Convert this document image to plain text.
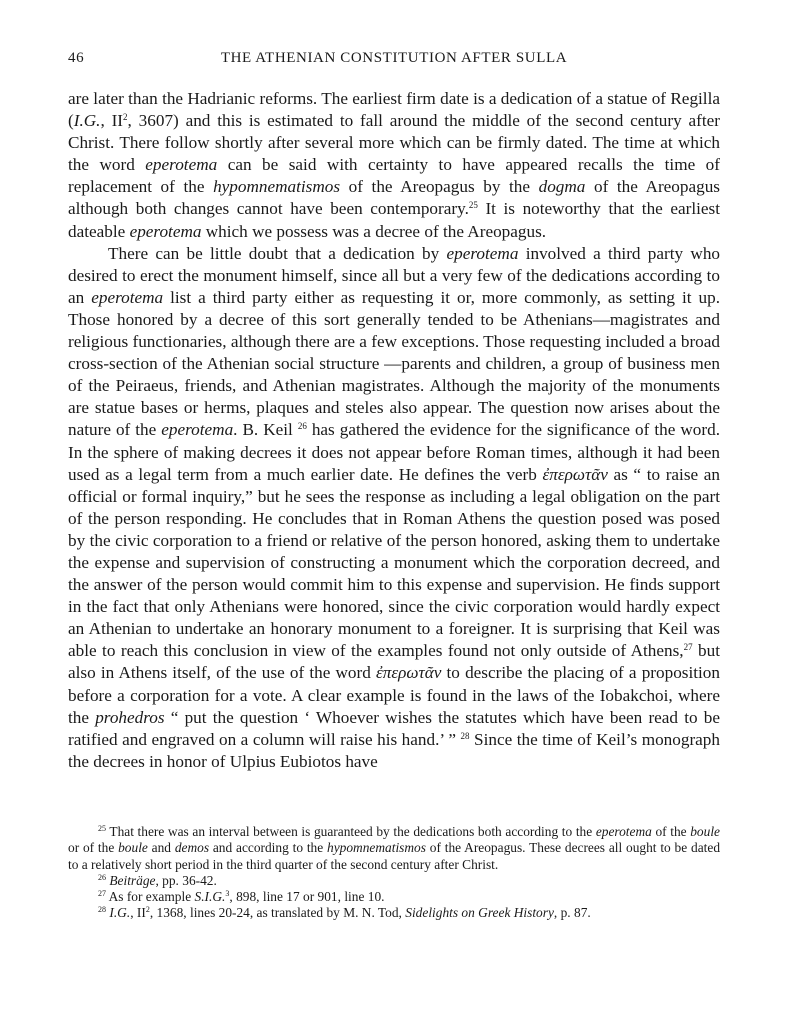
46	THE ATHENIAN CONSTITUTION AFTER SULLA

are later than the Hadrianic reforms. The earliest firm date is a dedication of a statue of Regilla (I.G., $II^2$, 3607) and this is estimated to fall around the middle of the second century after Christ. There follow shortly after several more which can be firmly dated. The time at which the word eperotema can be said with certainty to have appeared recalls the time of replacement of the hypomnematismos of the Areopagus by the dogma of the Areopagus although both changes cannot have been contemporary.$^{25}$ It is noteworthy that the earliest dateable eperotema which we possess was a decree of the Areopagus.

There can be little doubt that a dedication by eperotema involved a third party who desired to erect the monument himself, since all but a very few of the dedications according to an eperotema list a third party either as requesting it or, more commonly, as setting it up. Those honored by a decree of this sort generally tended to be Athenians—magistrates and religious functionaries, although there are a few exceptions. Those requesting included a broad cross-section of the Athenian social structure —parents and children, a group of business men of the Peiraeus, friends, and Athenian magistrates. Although the majority of the monuments are statue bases or herms, plaques and steles also appear. The question now arises about the nature of the eperotema. B. Keil $^{26}$ has gathered the evidence for the significance of the word. In the sphere of making decrees it does not appear before Roman times, although it had been used as a legal term from a much earlier date. He defines the verb ἐπερωτᾶν as “ to raise an official or formal inquiry,” but he sees the response as including a legal obligation on the part of the person responding. He concludes that in Roman Athens the question posed was posed by the civic corporation to a friend or relative of the person honored, asking them to undertake the expense and supervision of constructing a monument which the corporation decreed, and the answer of the person would commit him to this expense and supervision. He finds support in the fact that only Athenians were honored, since the civic corporation would hardly expect an Athenian to undertake an honorary monument to a foreigner. It is surprising that Keil was able to reach this conclusion in view of the examples found not only outside of Athens,$^{27}$ but also in Athens itself, of the use of the word ἐπερωτᾶν to describe the placing of a proposition before a corporation for a vote. A clear example is found in the laws of the Iobakchoi, where the prohedros “ put the question ‘ Whoever wishes the statutes which have been read to be ratified and engraved on a column will raise his hand.’ ” $^{28}$ Since the time of Keil’s monograph the decrees in honor of Ulpius Eubiotos have

$^{25}$ That there was an interval between is guaranteed by the dedications both according to the eperotema of the boule or of the boule and demos and according to the hypomnematismos of the Areopagus. These decrees all ought to be dated to a relatively short period in the third quarter of the second century after Christ.

$^{26}$ Beiträge, pp. 36-42.

$^{27}$ As for example S.I.G.$^3$, 898, line 17 or 901, line 10.

$^{28}$ I.G., $II^2$, 1368, lines 20-24, as translated by M. N. Tod, Sidelights on Greek History, p. 87.
